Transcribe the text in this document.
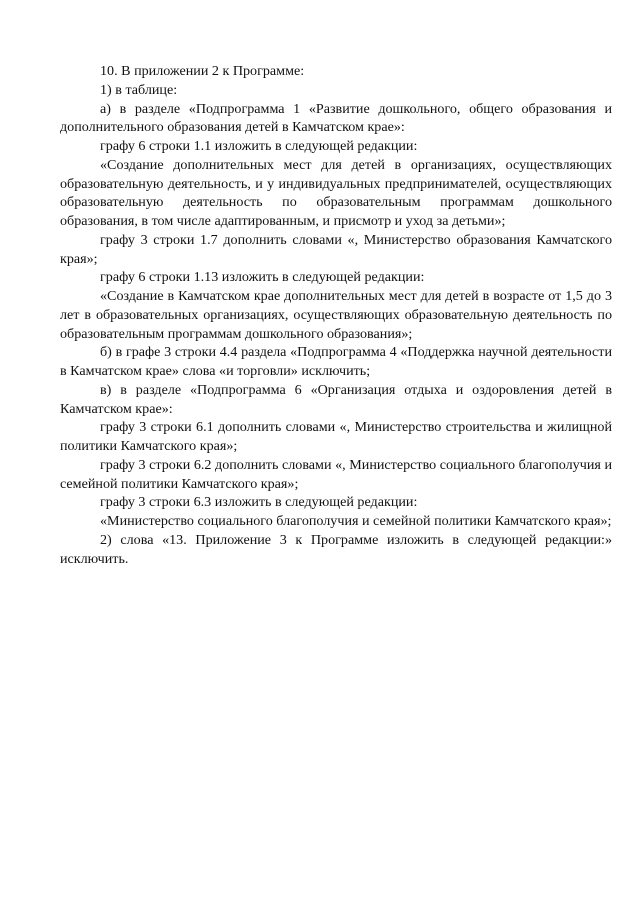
10. В приложении 2 к Программе:

1) в таблице:

а) в разделе «Подпрограмма 1 «Развитие дошкольного, общего образования и дополнительного образования детей в Камчатском крае»:

графу 6 строки 1.1 изложить в следующей редакции:

«Создание дополнительных мест для детей в организациях, осуществляющих образовательную деятельность, и у индивидуальных предпринимателей, осуществляющих образовательную деятельность по образовательным программам дошкольного образования, в том числе адаптированным, и присмотр и уход за детьми»;

графу 3 строки 1.7 дополнить словами «, Министерство образования Камчатского края»;

графу 6 строки 1.13 изложить в следующей редакции:

«Создание в Камчатском крае дополнительных мест для детей в возрасте от 1,5 до 3 лет в образовательных организациях, осуществляющих образовательную деятельность по образовательным программам дошкольного образования»;

б) в графе 3 строки 4.4 раздела «Подпрограмма 4 «Поддержка научной деятельности в Камчатском крае» слова «и торговли» исключить;

в) в разделе «Подпрограмма 6 «Организация отдыха и оздоровления детей в Камчатском крае»:

графу 3 строки 6.1 дополнить словами «, Министерство строительства и жилищной политики Камчатского края»;

графу 3 строки 6.2 дополнить словами «, Министерство социального благополучия и семейной политики Камчатского края»;

графу 3 строки 6.3 изложить в следующей редакции:

«Министерство социального благополучия и семейной политики Камчатского края»;

2) слова «13. Приложение 3 к Программе изложить в следующей редакции:» исключить.
